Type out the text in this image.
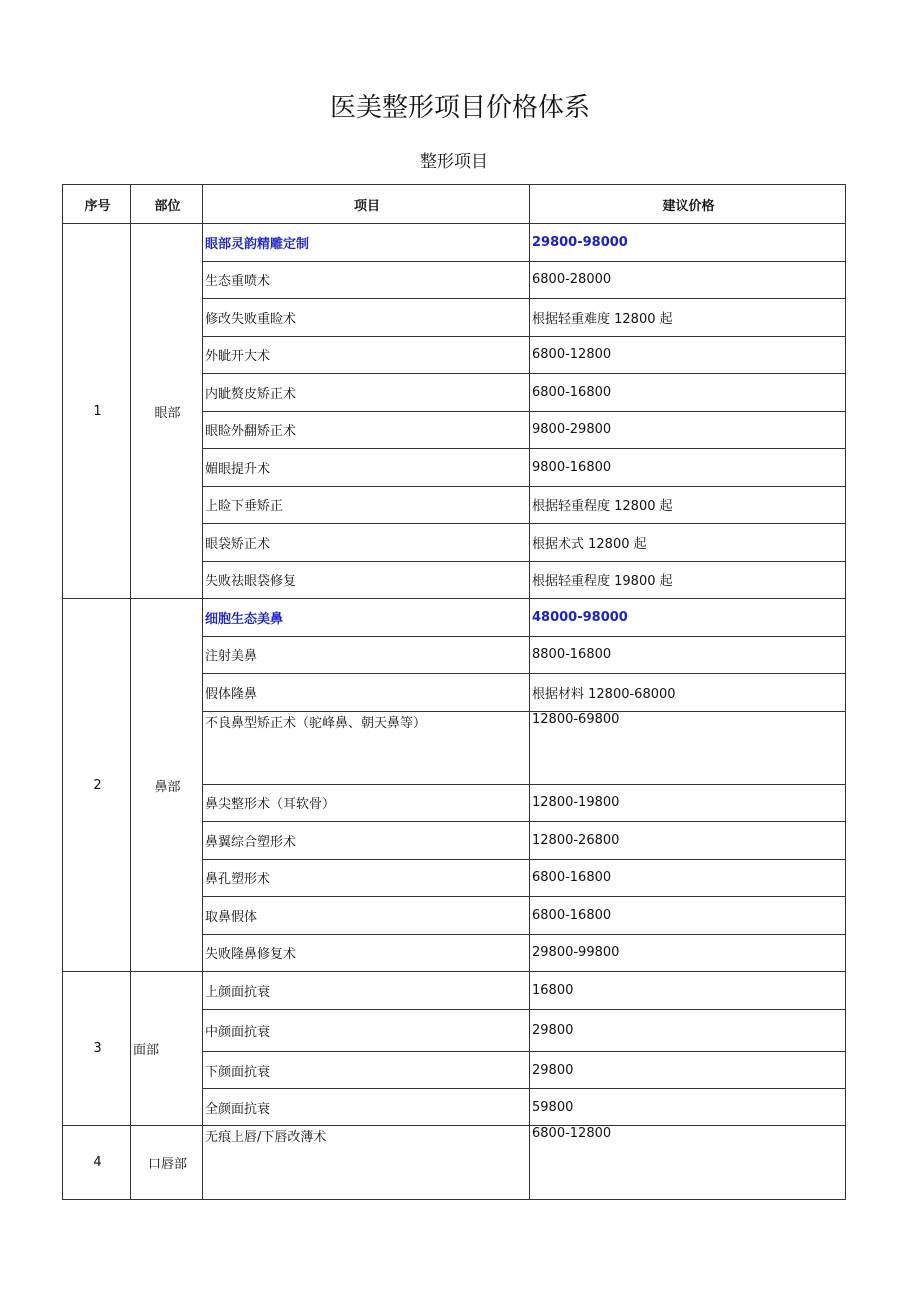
医美整形项目价格体系
整形项目
序号	部位	项目	建议价格
1	眼部	眼部灵韵精雕定制	29800-98000
		生态重喷术	6800-28000
		修改失败重睑术	根据轻重难度 12800 起
		外眦开大术	6800-12800
		内眦赘皮矫正术	6800-16800
		眼睑外翻矫正术	9800-29800
		媚眼提升术	9800-16800
		上睑下垂矫正	根据轻重程度 12800 起
		眼袋矫正术	根据术式 12800 起
		失败祛眼袋修复	根据轻重程度 19800 起
2	鼻部	细胞生态美鼻	48000-98000
		注射美鼻	8800-16800
		假体隆鼻	根据材料 12800-68000
		不良鼻型矫正术（驼峰鼻、朝天鼻等）	12800-69800
		鼻尖整形术（耳软骨）	12800-19800
		鼻翼综合塑形术	12800-26800
		鼻孔塑形术	6800-16800
		取鼻假体	6800-16800
		失败隆鼻修复术	29800-99800
3	面部	上颜面抗衰	16800
		中颜面抗衰	29800
		下颜面抗衰	29800
		全颜面抗衰	59800
4	口唇部	无痕上唇/下唇改薄术	6800-12800
